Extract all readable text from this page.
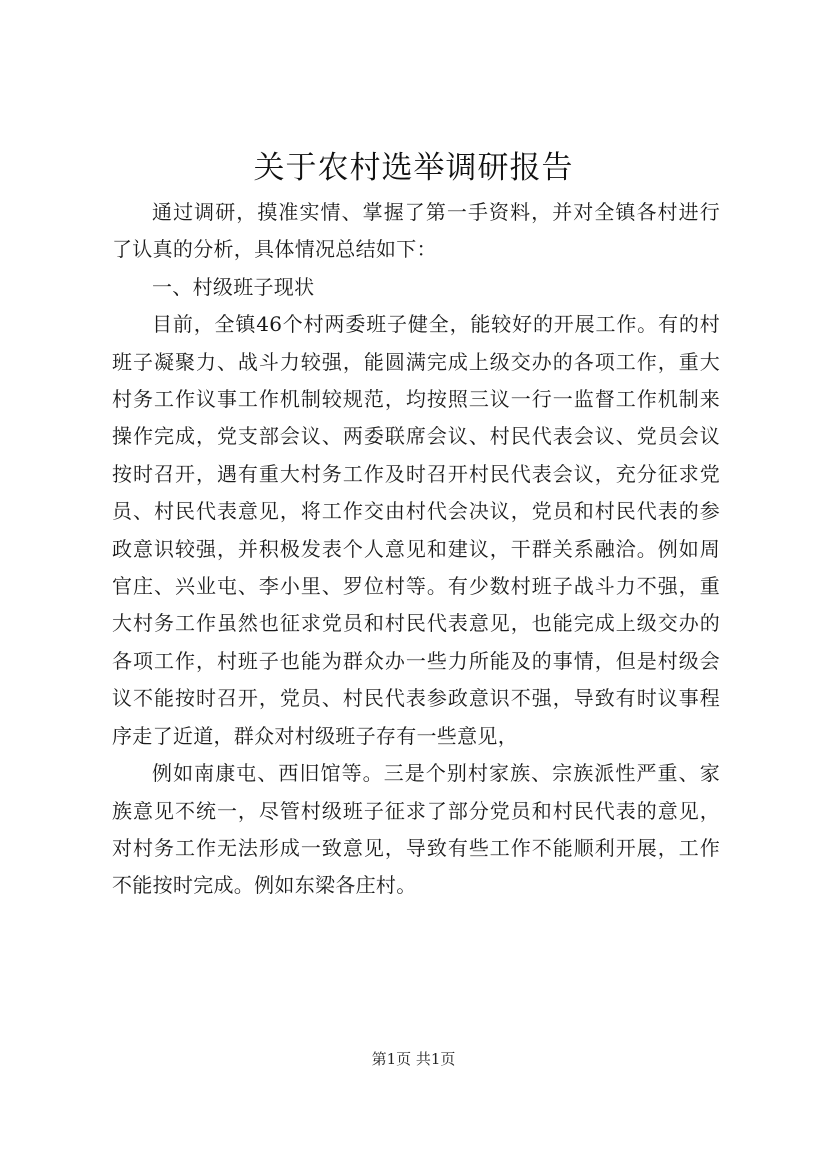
关于农村选举调研报告

通过调研，摸准实情、掌握了第一手资料，并对全镇各村进行了认真的分析，具体情况总结如下：

一、村级班子现状

目前，全镇46个村两委班子健全，能较好的开展工作。有的村班子凝聚力、战斗力较强，能圆满完成上级交办的各项工作，重大村务工作议事工作机制较规范，均按照三议一行一监督工作机制来操作完成，党支部会议、两委联席会议、村民代表会议、党员会议按时召开，遇有重大村务工作及时召开村民代表会议，充分征求党员、村民代表意见，将工作交由村代会决议，党员和村民代表的参政意识较强，并积极发表个人意见和建议，干群关系融洽。例如周官庄、兴业屯、李小里、罗位村等。有少数村班子战斗力不强，重大村务工作虽然也征求党员和村民代表意见，也能完成上级交办的各项工作，村班子也能为群众办一些力所能及的事情，但是村级会议不能按时召开，党员、村民代表参政意识不强，导致有时议事程序走了近道，群众对村级班子存有一些意见，

例如南康屯、西旧馆等。三是个别村家族、宗族派性严重、家族意见不统一，尽管村级班子征求了部分党员和村民代表的意见，对村务工作无法形成一致意见，导致有些工作不能顺利开展，工作不能按时完成。例如东梁各庄村。

第1页 共1页
